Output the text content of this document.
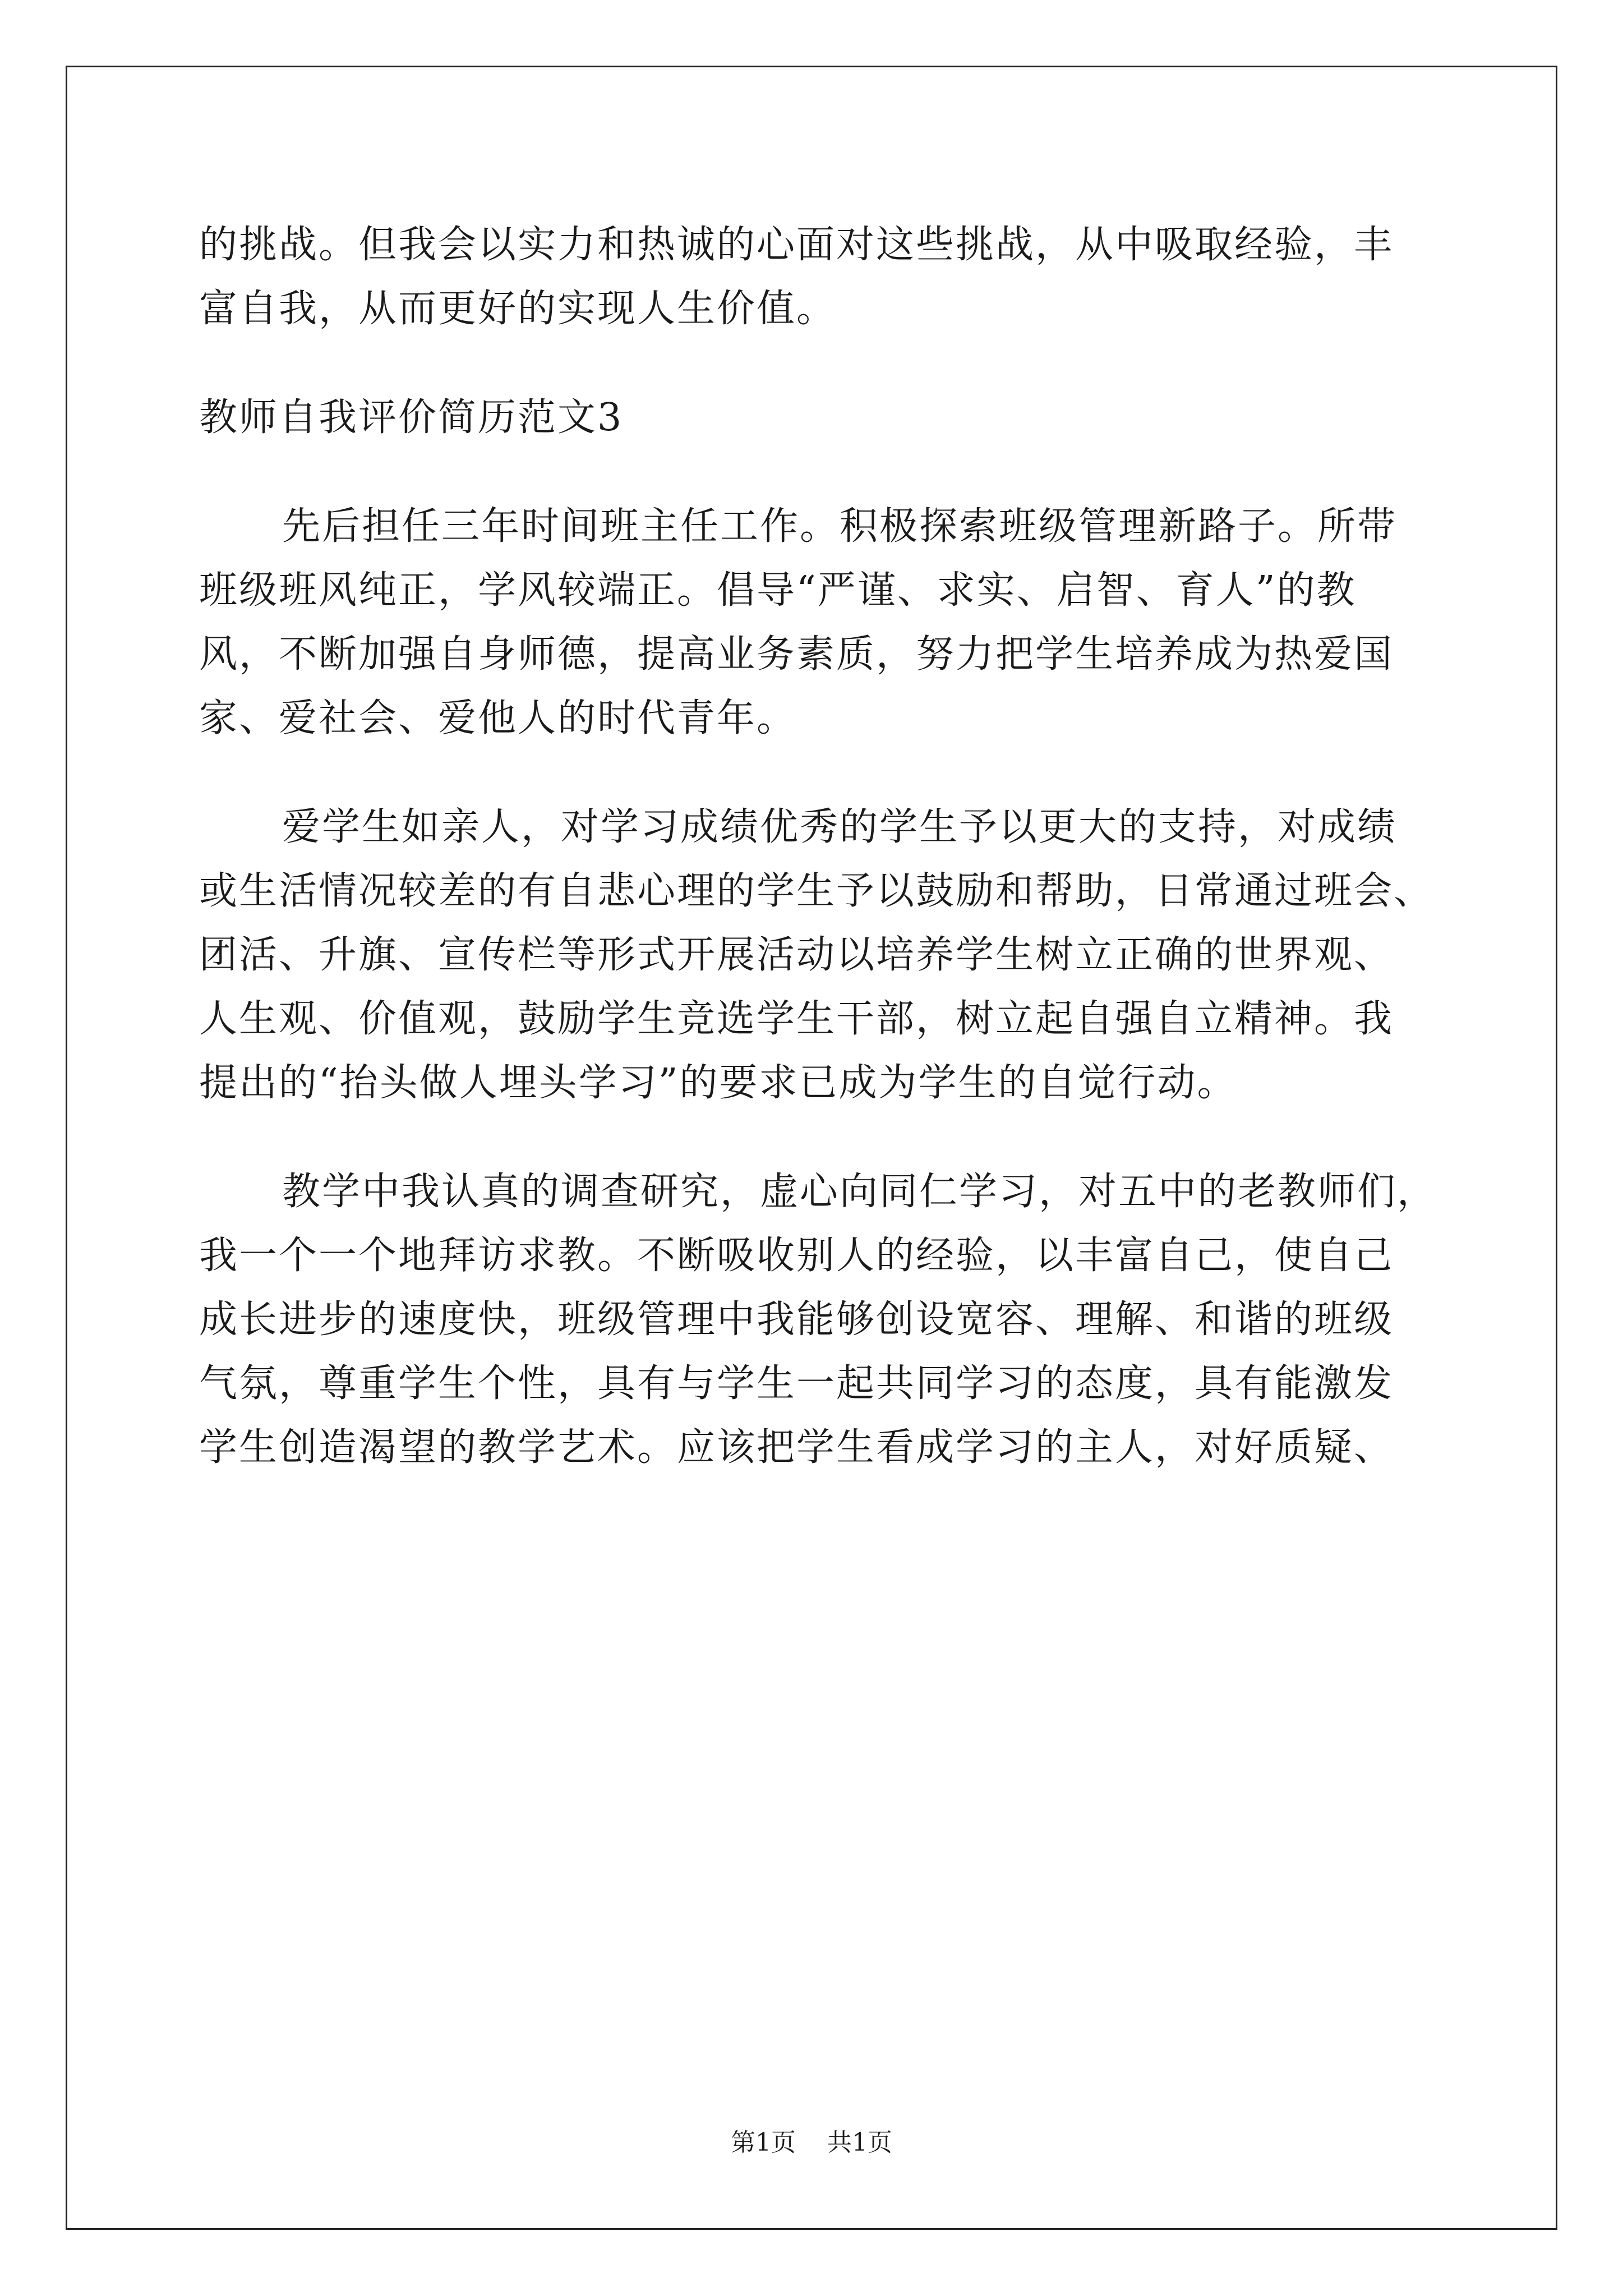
的挑战。但我会以实力和热诚的心面对这些挑战，从中吸取经验，丰

富自我，从而更好的实现人生价值。

教师自我评价简历范文3

先后担任三年时间班主任工作。积极探索班级管理新路子。所带

班级班风纯正，学风较端正。倡导“严谨、求实、启智、育人”的教

风，不断加强自身师德，提高业务素质，努力把学生培养成为热爱国

家、爱社会、爱他人的时代青年。

爱学生如亲人，对学习成绩优秀的学生予以更大的支持，对成绩

或生活情况较差的有自悲心理的学生予以鼓励和帮助，日常通过班会、

团活、升旗、宣传栏等形式开展活动以培养学生树立正确的世界观、

人生观、价值观，鼓励学生竞选学生干部，树立起自强自立精神。我

提出的“抬头做人埋头学习”的要求已成为学生的自觉行动。

教学中我认真的调查研究，虚心向同仁学习，对五中的老教师们，

我一个一个地拜访求教。不断吸收别人的经验，以丰富自己，使自己

成长进步的速度快，班级管理中我能够创设宽容、理解、和谐的班级

气氛，尊重学生个性，具有与学生一起共同学习的态度，具有能激发

学生创造渴望的教学艺术。应该把学生看成学习的主人，对好质疑、

第1页 共1页
